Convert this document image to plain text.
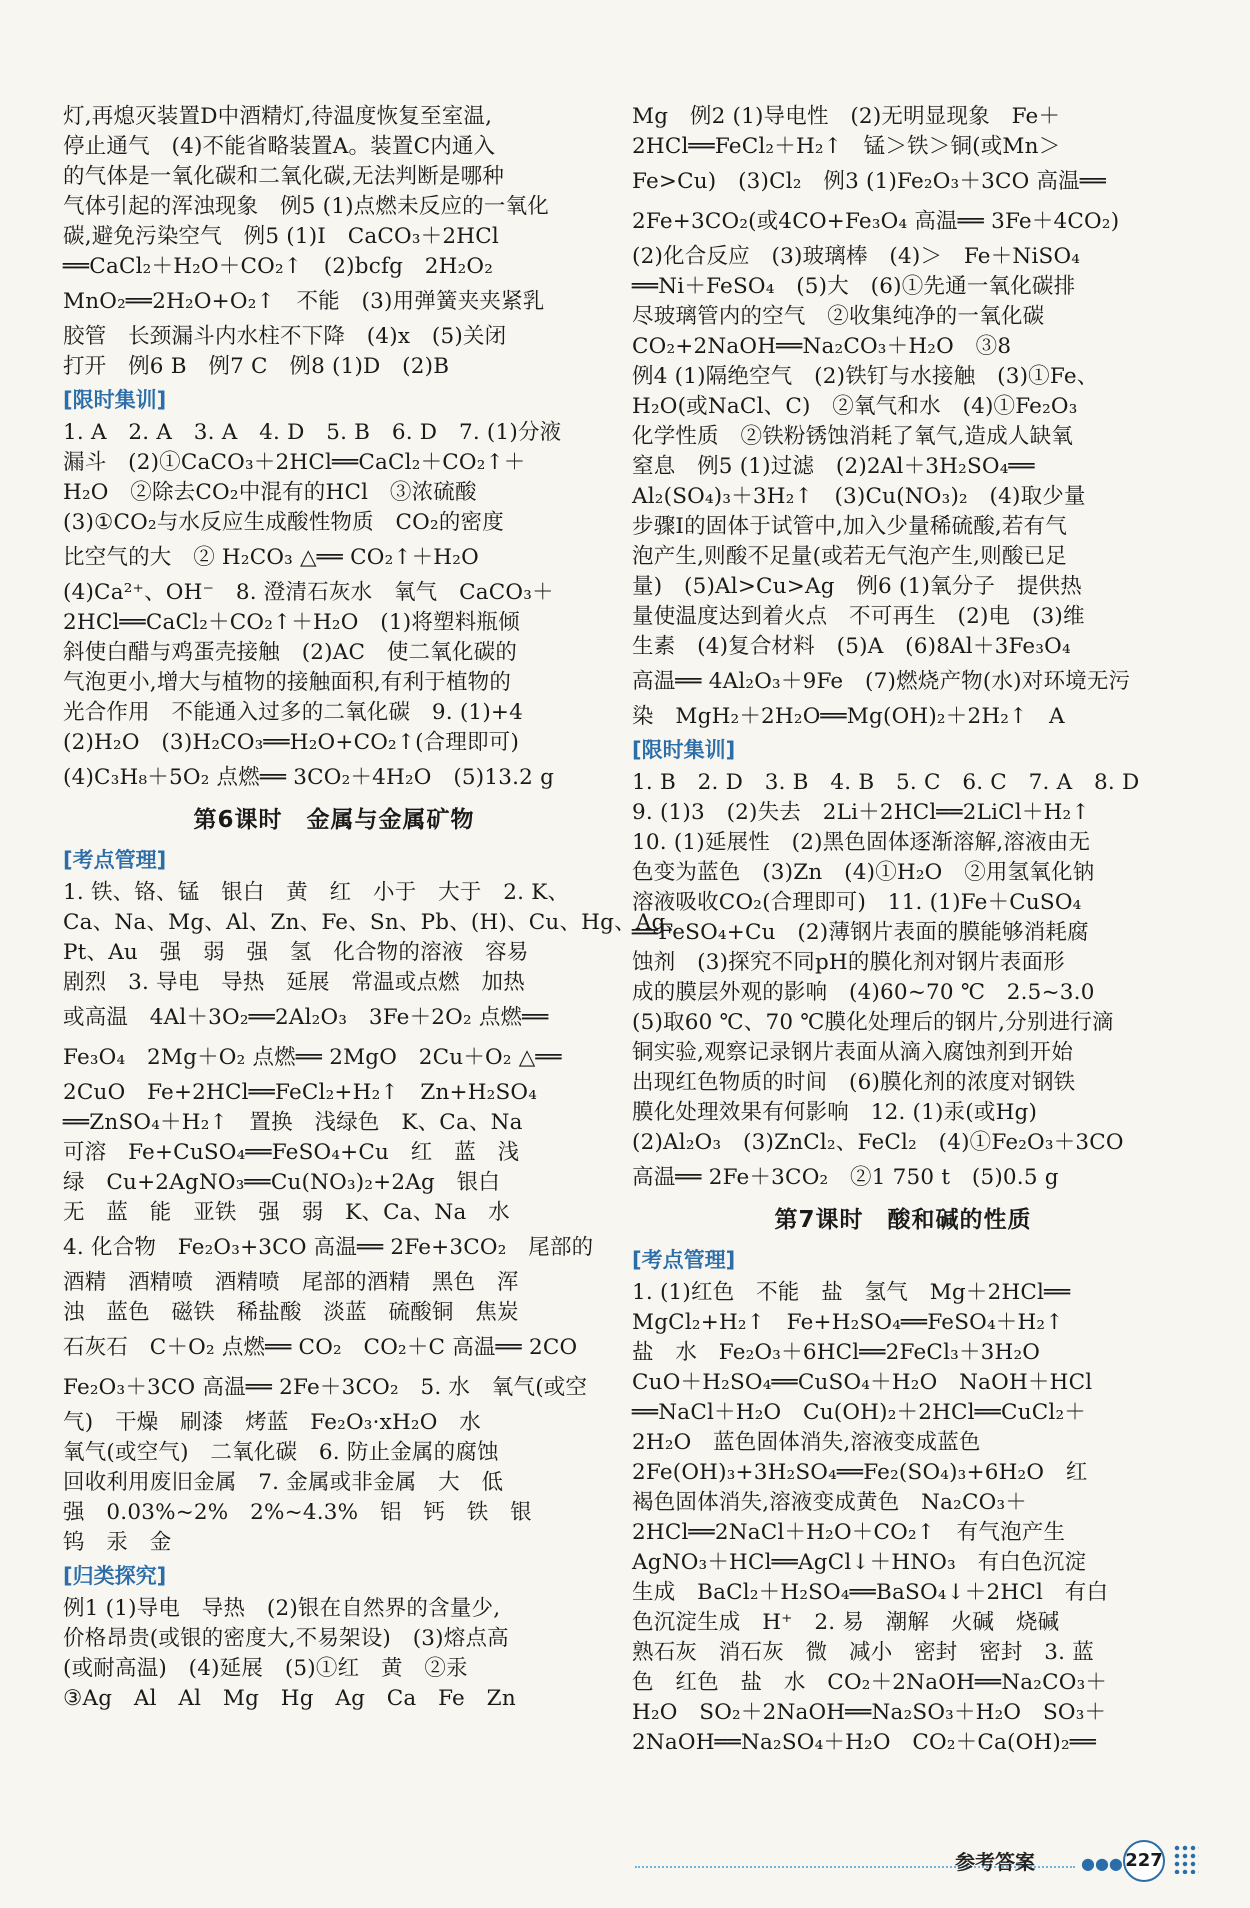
灯,再熄灭装置D中酒精灯,待温度恢复至室温,
停止通气　(4)不能省略装置A。装置C内通入
的气体是一氧化碳和二氧化碳,无法判断是哪种
气体引起的浑浊现象　例5 (1)点燃未反应的一氧化
碳,避免污染空气　例5 (1)Ⅰ　CaCO₃＋2HCl
══CaCl₂＋H₂O＋CO₂↑　(2)bcfg　2H₂O₂
MnO₂══2H₂O+O₂↑　不能　(3)用弹簧夹夹紧乳
胶管　长颈漏斗内水柱不下降　(4)x　(5)关闭
打开　例6 B　例7 C　例8 (1)D　(2)B
[限时集训]
1. A　2. A　3. A　4. D　5. B　6. D　7. (1)分液
漏斗　(2)①CaCO₃＋2HCl══CaCl₂＋CO₂↑＋
H₂O　②除去CO₂中混有的HCl　③浓硫酸
(3)①CO₂与水反应生成酸性物质　CO₂的密度
比空气的大　② H₂CO₃ △══ CO₂↑＋H₂O
(4)Ca²⁺、OH⁻　8. 澄清石灰水　氧气　CaCO₃＋
2HCl══CaCl₂＋CO₂↑＋H₂O　(1)将塑料瓶倾
斜使白醋与鸡蛋壳接触　(2)AC　使二氧化碳的
气泡更小,增大与植物的接触面积,有利于植物的
光合作用　不能通入过多的二氧化碳　9. (1)+4
(2)H₂O　(3)H₂CO₃══H₂O+CO₂↑(合理即可)
(4)C₃H₈＋5O₂ 点燃══ 3CO₂＋4H₂O　(5)13.2 g
第6课时　金属与金属矿物
[考点管理]
1. 铁、铬、锰　银白　黄　红　小于　大于　2. K、
Ca、Na、Mg、Al、Zn、Fe、Sn、Pb、(H)、Cu、Hg、Ag、
Pt、Au　强　弱　强　氢　化合物的溶液　容易
剧烈　3. 导电　导热　延展　常温或点燃　加热
或高温　4Al＋3O₂══2Al₂O₃　3Fe＋2O₂ 点燃══
Fe₃O₄　2Mg＋O₂ 点燃══ 2MgO　2Cu＋O₂ △══
2CuO　Fe+2HCl══FeCl₂+H₂↑　Zn+H₂SO₄
══ZnSO₄＋H₂↑　置换　浅绿色　K、Ca、Na
可溶　Fe+CuSO₄══FeSO₄+Cu　红　蓝　浅
绿　Cu+2AgNO₃══Cu(NO₃)₂+2Ag　银白
无　蓝　能　亚铁　强　弱　K、Ca、Na　水
4. 化合物　Fe₂O₃+3CO 高温══ 2Fe+3CO₂　尾部的
酒精　酒精喷　酒精喷　尾部的酒精　黑色　浑
浊　蓝色　磁铁　稀盐酸　淡蓝　硫酸铜　焦炭
石灰石　C＋O₂ 点燃══ CO₂　CO₂＋C 高温══ 2CO
Fe₂O₃＋3CO 高温══ 2Fe＋3CO₂　5. 水　氧气(或空
气)　干燥　刷漆　烤蓝　Fe₂O₃·xH₂O　水
氧气(或空气)　二氧化碳　6. 防止金属的腐蚀
回收利用废旧金属　7. 金属或非金属　大　低
强　0.03%~2%　2%~4.3%　铝　钙　铁　银
钨　汞　金
[归类探究]
例1 (1)导电　导热　(2)银在自然界的含量少,
价格昂贵(或银的密度大,不易架设)　(3)熔点高
(或耐高温)　(4)延展　(5)①红　黄　②汞
③Ag　Al　Al　Mg　Hg　Ag　Ca　Fe　Zn
Mg　例2 (1)导电性　(2)无明显现象　Fe＋
2HCl══FeCl₂＋H₂↑　锰＞铁＞铜(或Mn＞
Fe>Cu)　(3)Cl₂　例3 (1)Fe₂O₃＋3CO 高温══
2Fe+3CO₂(或4CO+Fe₃O₄ 高温══ 3Fe＋4CO₂)
(2)化合反应　(3)玻璃棒　(4)＞　Fe＋NiSO₄
══Ni＋FeSO₄　(5)大　(6)①先通一氧化碳排
尽玻璃管内的空气　②收集纯净的一氧化碳
CO₂+2NaOH══Na₂CO₃＋H₂O　③8
例4 (1)隔绝空气　(2)铁钉与水接触　(3)①Fe、
H₂O(或NaCl、C)　②氧气和水　(4)①Fe₂O₃
化学性质　②铁粉锈蚀消耗了氧气,造成人缺氧
窒息　例5 (1)过滤　(2)2Al＋3H₂SO₄══
Al₂(SO₄)₃＋3H₂↑　(3)Cu(NO₃)₂　(4)取少量
步骤Ⅰ的固体于试管中,加入少量稀硫酸,若有气
泡产生,则酸不足量(或若无气泡产生,则酸已足
量)　(5)Al>Cu>Ag　例6 (1)氧分子　提供热
量使温度达到着火点　不可再生　(2)电　(3)维
生素　(4)复合材料　(5)A　(6)8Al＋3Fe₃O₄
高温══ 4Al₂O₃＋9Fe　(7)燃烧产物(水)对环境无污
染　MgH₂＋2H₂O══Mg(OH)₂＋2H₂↑　A
[限时集训]
1. B　2. D　3. B　4. B　5. C　6. C　7. A　8. D
9. (1)3　(2)失去　2Li＋2HCl══2LiCl＋H₂↑
10. (1)延展性　(2)黑色固体逐渐溶解,溶液由无
色变为蓝色　(3)Zn　(4)①H₂O　②用氢氧化钠
溶液吸收CO₂(合理即可)　11. (1)Fe＋CuSO₄
══FeSO₄+Cu　(2)薄钢片表面的膜能够消耗腐
蚀剂　(3)探究不同pH的膜化剂对钢片表面形
成的膜层外观的影响　(4)60~70 ℃　2.5~3.0
(5)取60 ℃、70 ℃膜化处理后的钢片,分别进行滴
铜实验,观察记录钢片表面从滴入腐蚀剂到开始
出现红色物质的时间　(6)膜化剂的浓度对钢铁
膜化处理效果有何影响　12. (1)汞(或Hg)
(2)Al₂O₃　(3)ZnCl₂、FeCl₂　(4)①Fe₂O₃＋3CO
高温══ 2Fe＋3CO₂　②1 750 t　(5)0.5 g
第7课时　酸和碱的性质
[考点管理]
1. (1)红色　不能　盐　氢气　Mg＋2HCl══
MgCl₂+H₂↑　Fe+H₂SO₄══FeSO₄＋H₂↑
盐　水　Fe₂O₃＋6HCl══2FeCl₃＋3H₂O
CuO＋H₂SO₄══CuSO₄＋H₂O　NaOH＋HCl
══NaCl＋H₂O　Cu(OH)₂＋2HCl══CuCl₂＋
2H₂O　蓝色固体消失,溶液变成蓝色
2Fe(OH)₃+3H₂SO₄══Fe₂(SO₄)₃+6H₂O　红
褐色固体消失,溶液变成黄色　Na₂CO₃＋
2HCl══2NaCl＋H₂O＋CO₂↑　有气泡产生
AgNO₃＋HCl══AgCl↓＋HNO₃　有白色沉淀
生成　BaCl₂＋H₂SO₄══BaSO₄↓＋2HCl　有白
色沉淀生成　H⁺　2. 易　潮解　火碱　烧碱
熟石灰　消石灰　微　减小　密封　密封　3. 蓝
色　红色　盐　水　CO₂＋2NaOH══Na₂CO₃＋
H₂O　SO₂＋2NaOH══Na₂SO₃＋H₂O　SO₃＋
2NaOH══Na₂SO₄＋H₂O　CO₂＋Ca(OH)₂══
参考答案	●●● 227
